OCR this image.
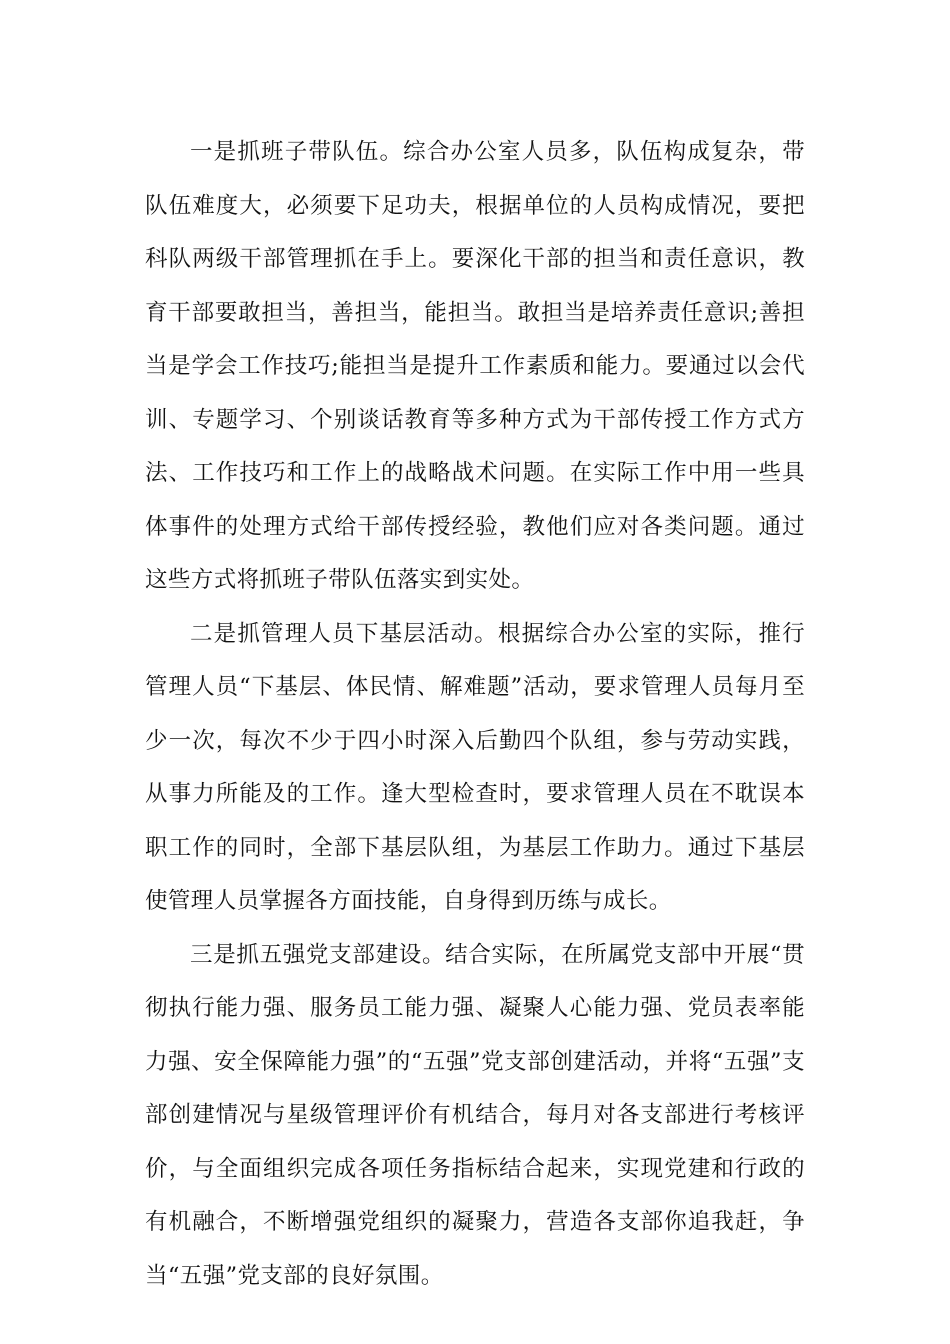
一是抓班子带队伍。综合办公室人员多，队伍构成复杂，带队伍难度大，必须要下足功夫，根据单位的人员构成情况，要把科队两级干部管理抓在手上。要深化干部的担当和责任意识，教育干部要敢担当，善担当，能担当。敢担当是培养责任意识;善担当是学会工作技巧;能担当是提升工作素质和能力。要通过以会代训、专题学习、个别谈话教育等多种方式为干部传授工作方式方法、工作技巧和工作上的战略战术问题。在实际工作中用一些具体事件的处理方式给干部传授经验，教他们应对各类问题。通过这些方式将抓班子带队伍落实到实处。

二是抓管理人员下基层活动。根据综合办公室的实际，推行管理人员“下基层、体民情、解难题”活动，要求管理人员每月至少一次，每次不少于四小时深入后勤四个队组，参与劳动实践，从事力所能及的工作。逢大型检查时，要求管理人员在不耽误本职工作的同时，全部下基层队组，为基层工作助力。通过下基层使管理人员掌握各方面技能，自身得到历练与成长。

三是抓五强党支部建设。结合实际，在所属党支部中开展“贯彻执行能力强、服务员工能力强、凝聚人心能力强、党员表率能力强、安全保障能力强”的“五强”党支部创建活动，并将“五强”支部创建情况与星级管理评价有机结合，每月对各支部进行考核评价，与全面组织完成各项任务指标结合起来，实现党建和行政的有机融合，不断增强党组织的凝聚力，营造各支部你追我赶，争当“五强”党支部的良好氛围。
